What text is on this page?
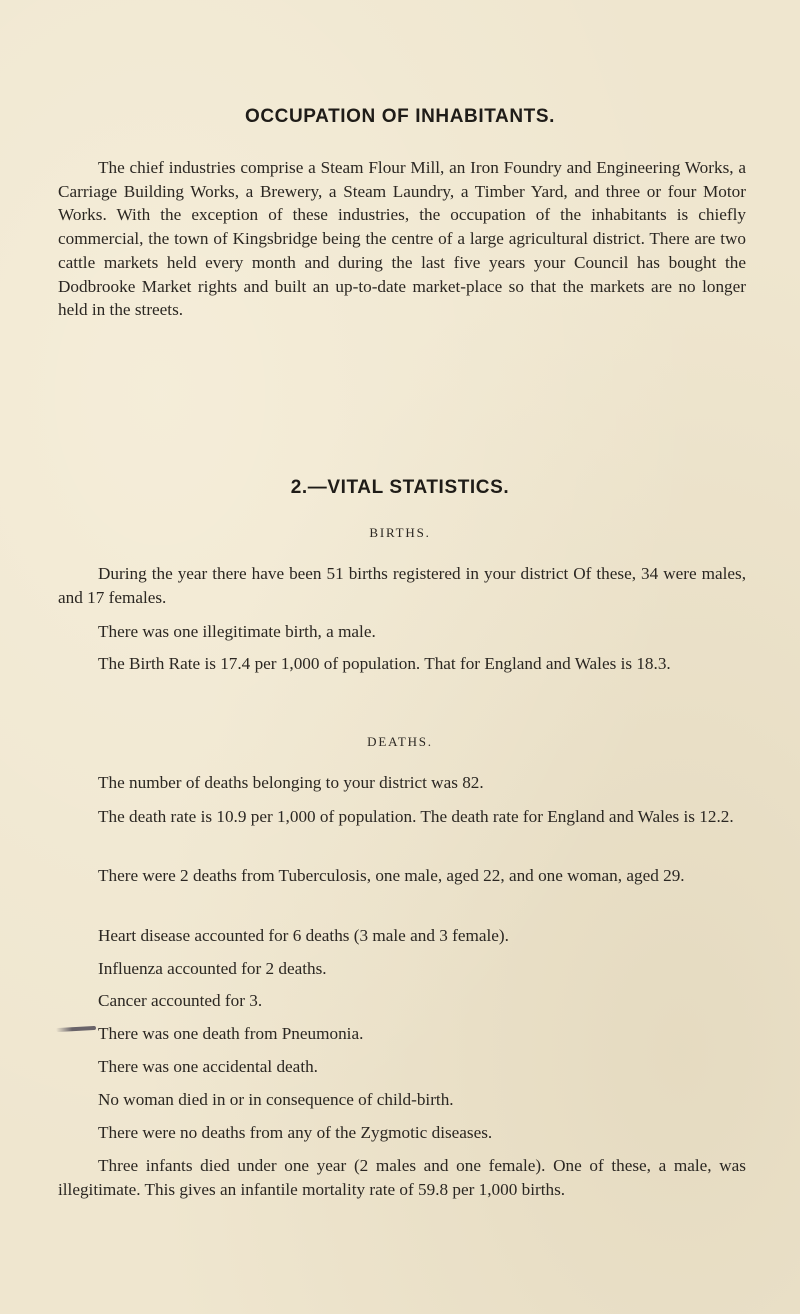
OCCUPATION OF INHABITANTS.

The chief industries comprise a Steam Flour Mill, an Iron Foundry and Engineering Works, a Carriage Building Works, a Brewery, a Steam Laundry, a Timber Yard, and three or four Motor Works. With the exception of these industries, the occupation of the inhabitants is chiefly commercial, the town of Kingsbridge being the centre of a large agricultural district. There are two cattle markets held every month and during the last five years your Council has bought the Dodbrooke Market rights and built an up-to-date market-place so that the markets are no longer held in the streets.

2.—VITAL STATISTICS.
BIRTHS.

During the year there have been 51 births registered in your district Of these, 34 were males, and 17 females.

There was one illegitimate birth, a male.

The Birth Rate is 17.4 per 1,000 of population. That for England and Wales is 18.3.

DEATHS.

The number of deaths belonging to your district was 82.

The death rate is 10.9 per 1,000 of population. The death rate for England and Wales is 12.2.

There were 2 deaths from Tuberculosis, one male, aged 22, and one woman, aged 29.

Heart disease accounted for 6 deaths (3 male and 3 female).

Influenza accounted for 2 deaths.

Cancer accounted for 3.

There was one death from Pneumonia.

There was one accidental death.

No woman died in or in consequence of child-birth.

There were no deaths from any of the Zygmotic diseases.

Three infants died under one year (2 males and one female). One of these, a male, was illegitimate. This gives an infantile mortality rate of 59.8 per 1,000 births.
